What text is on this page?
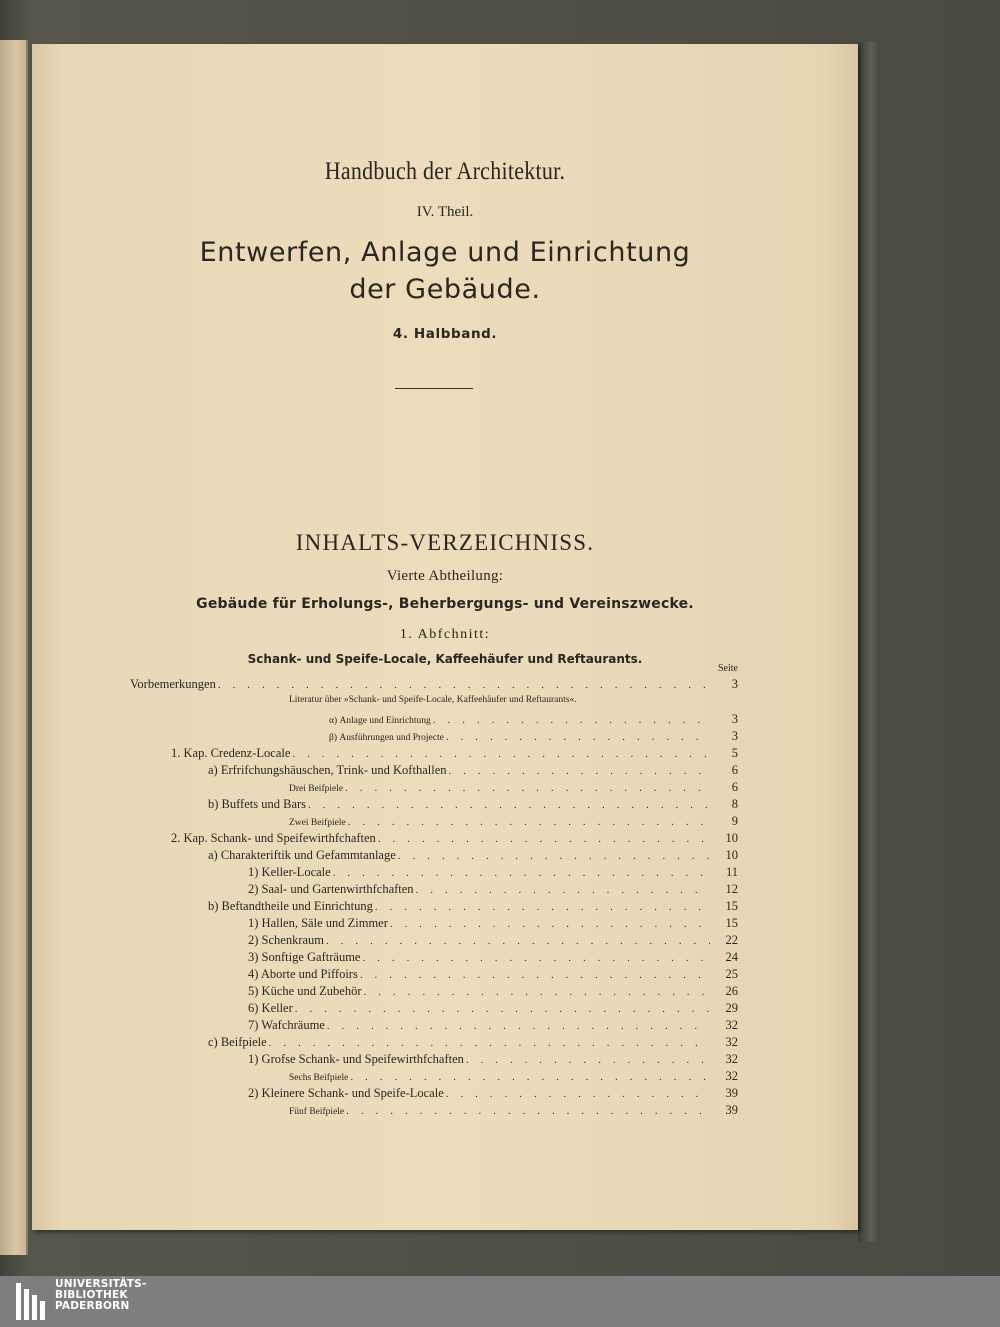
Handbuch der Architektur.
IV. Theil.
Entwerfen, Anlage und Einrichtung
der Gebäude.
4. Halbband.
INHALTS-VERZEICHNISS.
Vierte Abtheilung:
Gebäude für Erholungs-, Beherbergungs- und Vereinszwecke.
1. Abfchnitt:
Schank- und Speife-Locale, Kaffeehäufer und Reftaurants.
Seite
Vorbemerkungen . . .	3
Literatur über »Schank- und Speife-Locale, Kaffeehäufer und Reftaurants«.
α) Anlage und Einrichtung . . .	3
β) Ausführungen und Projecte . . .	3
1. Kap. Credenz-Locale . . .	5
a) Erfrifchungshäuschen, Trink- und Kofthallen . . .	6
Drei Beifpiele . . .	6
b) Buffets und Bars . . .	8
Zwei Beifpiele . . .	9
2. Kap. Schank- und Speifewirthfchaften . . .	10
a) Charakteriftik und Gefammtanlage . . .	10
1) Keller-Locale . . .	11
2) Saal- und Gartenwirthfchaften . . .	12
b) Beftandtheile und Einrichtung . . .	15
1) Hallen, Säle und Zimmer . . .	15
2) Schenkraum . . .	22
3) Sonftige Gafträume . . .	24
4) Aborte und Piffoirs . . .	25
5) Küche und Zubehör . . .	26
6) Keller . . .	29
7) Wafchräume . . .	32
c) Beifpiele . . .	32
1) Grofse Schank- und Speifewirthfchaften . . .	32
Sechs Beifpiele . . .	32
2) Kleinere Schank- und Speife-Locale . . .	39
Fünf Beifpiele . . .	39
UNIVERSITÄTS-
BIBLIOTHEK
PADERBORN
